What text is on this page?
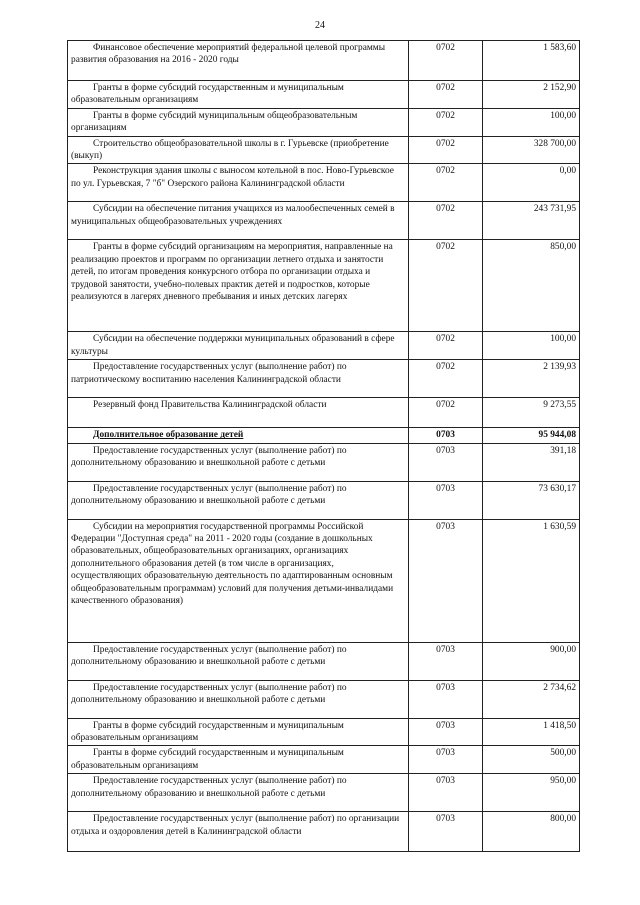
24
Финансовое обеспечение мероприятий федеральной целевой программы развития образования на 2016 - 2020 годы	0702	1 583,60
Гранты в форме субсидий государственным и муниципальным образовательным организациям	0702	2 152,90
Гранты в форме субсидий муниципальным общеобразовательным организациям	0702	100,00
Строительство общеобразовательной школы в г. Гурьевске (приобретение (выкуп)	0702	328 700,00
Реконструкция здания школы с выносом котельной в пос. Ново-Гурьевское по ул. Гурьевская, 7 "б" Озерского района Калининградской области	0702	0,00
Субсидии на обеспечение питания учащихся из малообеспеченных семей в муниципальных общеобразовательных учреждениях	0702	243 731,95
Гранты в форме субсидий организациям на мероприятия, направленные на реализацию проектов и программ по организации летнего отдыха и занятости детей, по итогам проведения конкурсного отбора по организации отдыха и трудовой занятости, учебно-полевых практик детей и подростков, которые реализуются в лагерях дневного пребывания и иных детских лагерях	0702	850,00
Субсидии на обеспечение поддержки муниципальных образований в сфере культуры	0702	100,00
Предоставление государственных услуг (выполнение работ) по патриотическому воспитанию населения Калининградской области	0702	2 139,93
Резервный фонд Правительства Калининградской области	0702	9 273,55
Дополнительное образование детей	0703	95 944,08
Предоставление государственных услуг (выполнение работ) по дополнительному образованию и внешкольной работе с детьми	0703	391,18
Предоставление государственных услуг (выполнение работ) по дополнительному образованию и внешкольной работе с детьми	0703	73 630,17
Субсидии на мероприятия государственной программы Российской Федерации "Доступная среда" на 2011 - 2020 годы (создание в дошкольных образовательных, общеобразовательных организациях, организациях дополнительного образования детей (в том числе в организациях, осуществляющих образовательную деятельность по адаптированным основным общеобразовательным программам) условий для получения детьми-инвалидами качественного образования)	0703	1 630,59
Предоставление государственных услуг (выполнение работ) по дополнительному образованию и внешкольной работе с детьми	0703	900,00
Предоставление государственных услуг (выполнение работ) по дополнительному образованию и внешкольной работе с детьми	0703	2 734,62
Гранты в форме субсидий государственным и муниципальным образовательным организациям	0703	1 418,50
Гранты в форме субсидий государственным и муниципальным образовательным организациям	0703	500,00
Предоставление государственных услуг (выполнение работ) по дополнительному образованию и внешкольной работе с детьми	0703	950,00
Предоставление государственных услуг (выполнение работ) по организации отдыха и оздоровления детей в Калининградской области	0703	800,00
